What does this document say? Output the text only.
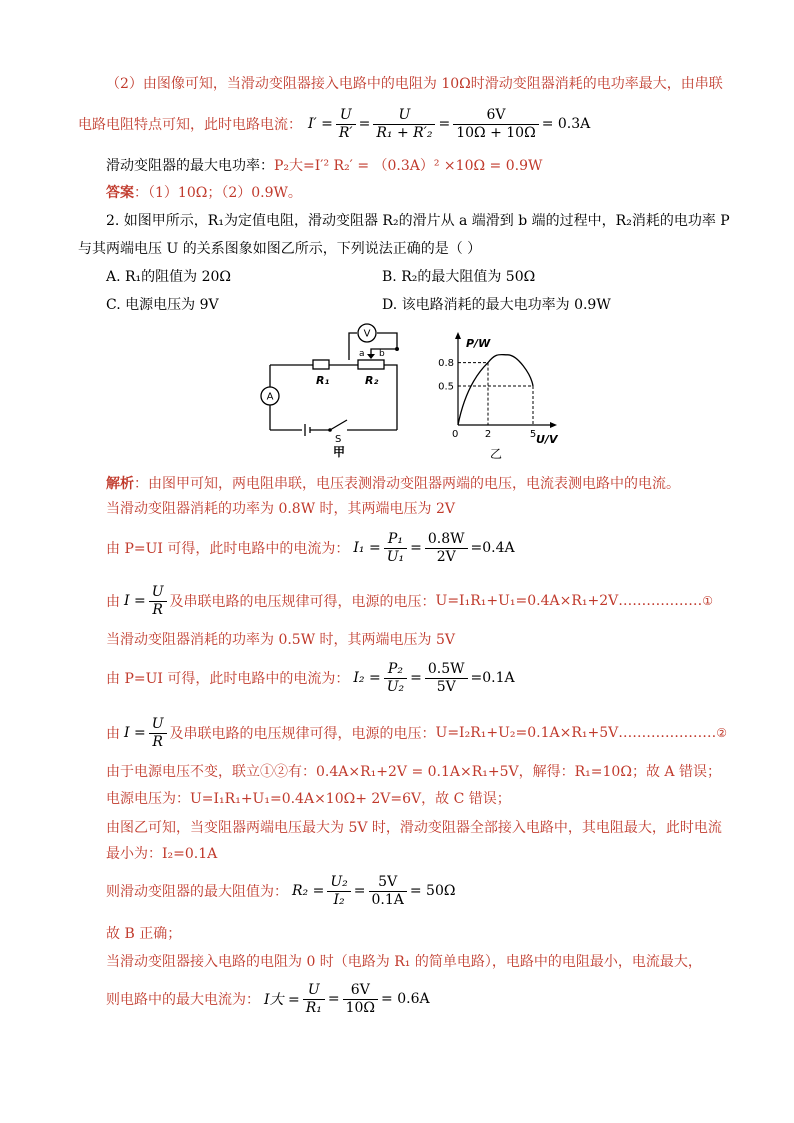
（2）由图像可知，当滑动变阻器接入电路中的电阻为 10Ω时滑动变阻器消耗的电功率最大，由串联
电路电阻特点可知，此时电路电流： $I' = \frac{U}{R'} = \frac{U}{\text{R₁ + R′₂}} = \frac{6V}{10\Omega + 10\Omega} = 0.3A$
滑动变阻器的最大电功率：P₂大=I′² R₂′ = （0.3A）² ×10Ω = 0.9W
答案：（1）10Ω；（2）0.9W。
2. 如图甲所示，R₁为定值电阻，滑动变阻器 R₂的滑片从 a 端滑到 b 端的过程中，R₂消耗的电功率 P
与其两端电压 U 的关系图象如图乙所示，下列说法正确的是（ ）
A. R₁的阻值为 20Ω	B. R₂的最大阻值为 50Ω
C. 电源电压为 9V	D. 该电路消耗的最大电功率为 0.9W
V
A
a b
R₁	R₂
S
甲
0.8
2
0.5
5
P/W
U/V
0
乙
解析：由图甲可知，两电阻串联，电压表测滑动变阻器两端的电压，电流表测电路中的电流。
当滑动变阻器消耗的功率为 0.8W 时，其两端电压为 2V
由 P=UI 可得，此时电路中的电流为： $I_1 = \frac{\text{P₁}}{\text{U₁}} = \frac{0.8W}{2V} =0.4A$
由 $I = \frac{U}{R}$ 及串联电路的电压规律可得，电源的电压： U=I₁R₁+U₁=0.4A×R₁+2V……………… ①
当滑动变阻器消耗的功率为 0.5W 时，其两端电压为 5V
由 P=UI 可得，此时电路中的电流为： $I_2 = \frac{\text{P₂}}{\text{U₂}} = \frac{0.5W}{5V} =0.1A$
由 $I = \frac{U}{R}$ 及串联电路的电压规律可得，电源的电压： U=I₂R₁+U₂=0.1A×R₁+5V………………… ②
由于电源电压不变，联立①②有：0.4A×R₁+2V = 0.1A×R₁+5V，解得：R₁=10Ω；故 A 错误；
电源电压为：U=I₁R₁+U₁=0.4A×10Ω+ 2V=6V，故 C 错误；
由图乙可知，当变阻器两端电压最大为 5V 时，滑动变阻器全部接入电路中，其电阻最大，此时电流
最小为：I₂=0.1A
则滑动变阻器的最大阻值为： $R_2 = \frac{\text{U₂}}{\text{I₂}} = \frac{5V}{0.1A} = 50\Omega$
故 B 正确；
当滑动变阻器接入电路的电阻为 0 时（电路为 R₁ 的简单电路），电路中的电阻最小，电流最大，
则电路中的最大电流为： I大 = $\frac{U}{\text{R₁}} = \frac{6V}{10\Omega} = 0.6A$
